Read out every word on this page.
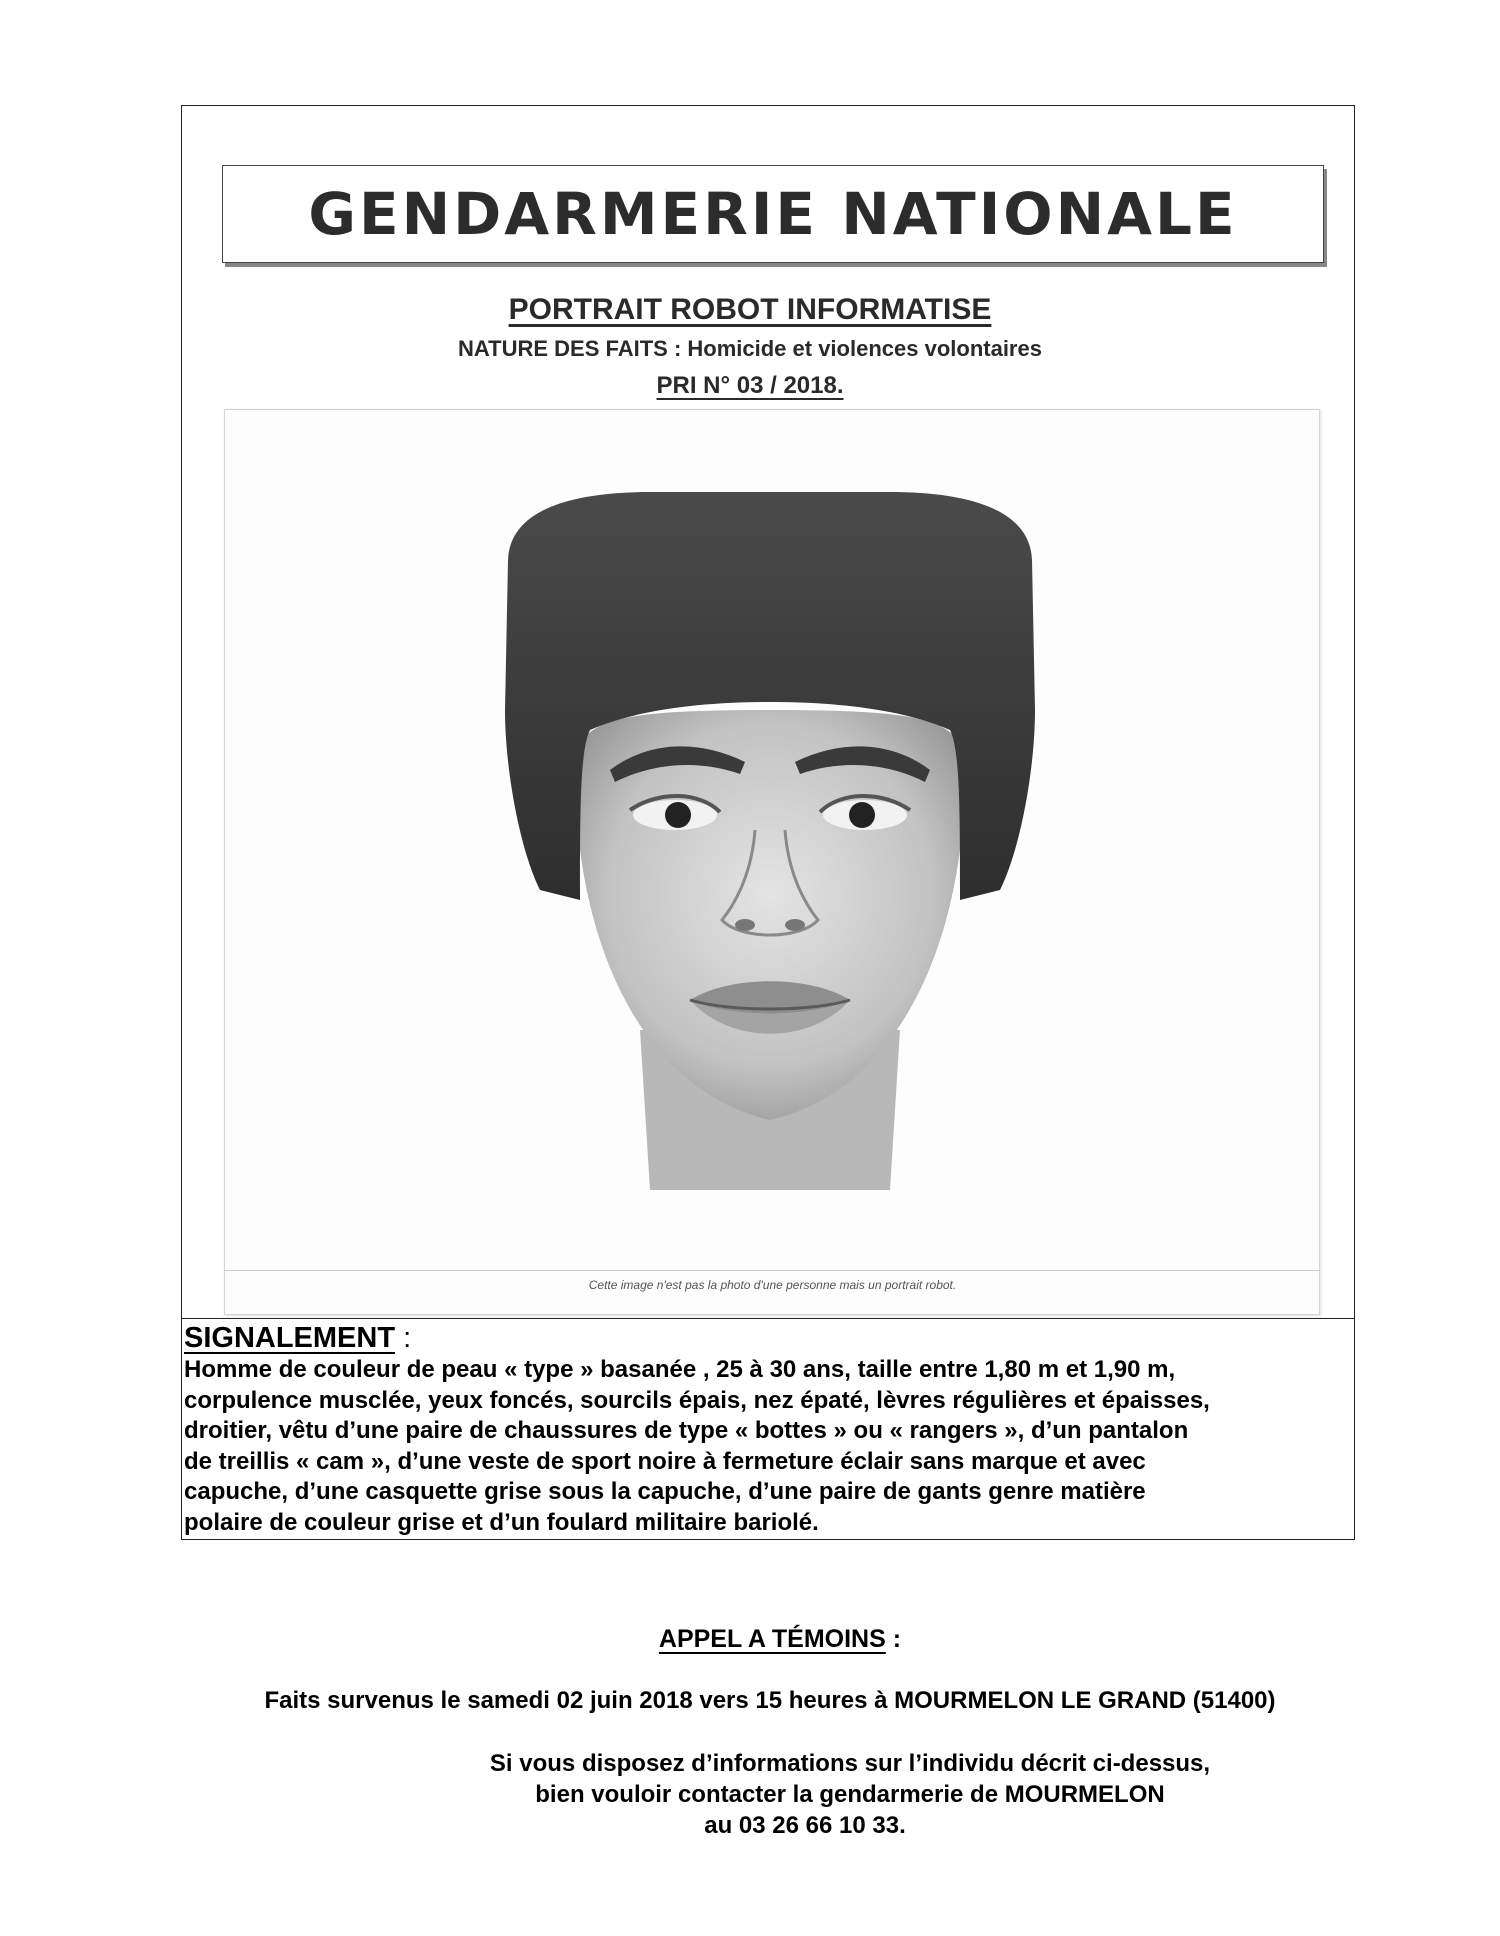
GENDARMERIE NATIONALE
PORTRAIT ROBOT INFORMATISE
NATURE DES FAITS : Homicide et violences volontaires
PRI N° 03 / 2018.
Cette image n'est pas la photo d'une personne mais un portrait robot.
SIGNALEMENT :

Homme de couleur de peau « type » basanée , 25 à 30 ans, taille entre 1,80 m et 1,90 m,
corpulence musclée, yeux foncés, sourcils épais, nez épaté, lèvres régulières et épaisses,
droitier, vêtu d’une paire de chaussures de type « bottes » ou « rangers », d’un pantalon
de treillis « cam », d’une veste de sport noire à fermeture éclair sans marque et avec
capuche, d’une casquette grise sous la capuche, d’une paire de gants genre matière
polaire de couleur grise et d’un foulard militaire bariolé.

APPEL A TÉMOINS :
Faits survenus le samedi 02 juin 2018 vers 15 heures à MOURMELON LE GRAND (51400)
Si vous disposez d’informations sur l’individu décrit ci-dessus,
bien vouloir contacter la gendarmerie de MOURMELON
au 03 26 66 10 33.
